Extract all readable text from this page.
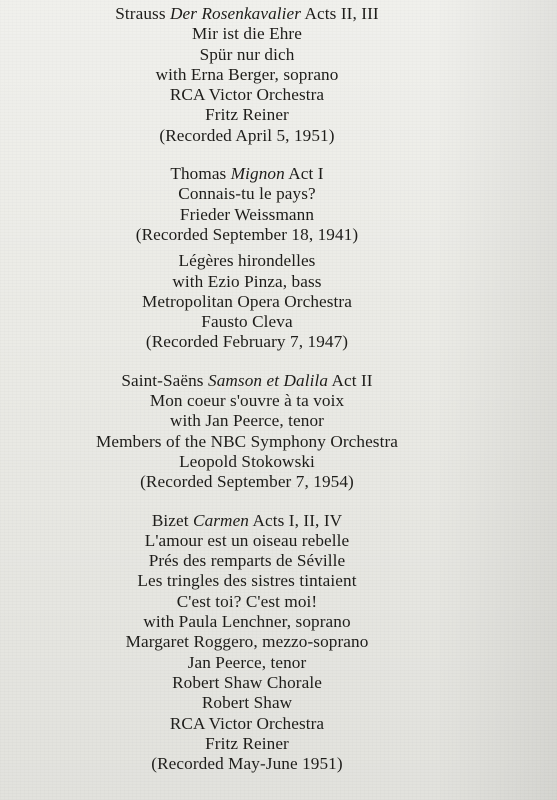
Strauss Der Rosenkavalier Acts II, III
Mir ist die Ehre
Spür nur dich
with Erna Berger, soprano
RCA Victor Orchestra
Fritz Reiner
(Recorded April 5, 1951)
Thomas Mignon Act I
Connais-tu le pays?
Frieder Weissmann
(Recorded September 18, 1941)
Légères hirondelles
with Ezio Pinza, bass
Metropolitan Opera Orchestra
Fausto Cleva
(Recorded February 7, 1947)
Saint-Saëns Samson et Dalila Act II
Mon coeur s'ouvre à ta voix
with Jan Peerce, tenor
Members of the NBC Symphony Orchestra
Leopold Stokowski
(Recorded September 7, 1954)
Bizet Carmen Acts I, II, IV
L'amour est un oiseau rebelle
Prés des remparts de Séville
Les tringles des sistres tintaient
C'est toi? C'est moi!
with Paula Lenchner, soprano
Margaret Roggero, mezzo-soprano
Jan Peerce, tenor
Robert Shaw Chorale
Robert Shaw
RCA Victor Orchestra
Fritz Reiner
(Recorded May-June 1951)
